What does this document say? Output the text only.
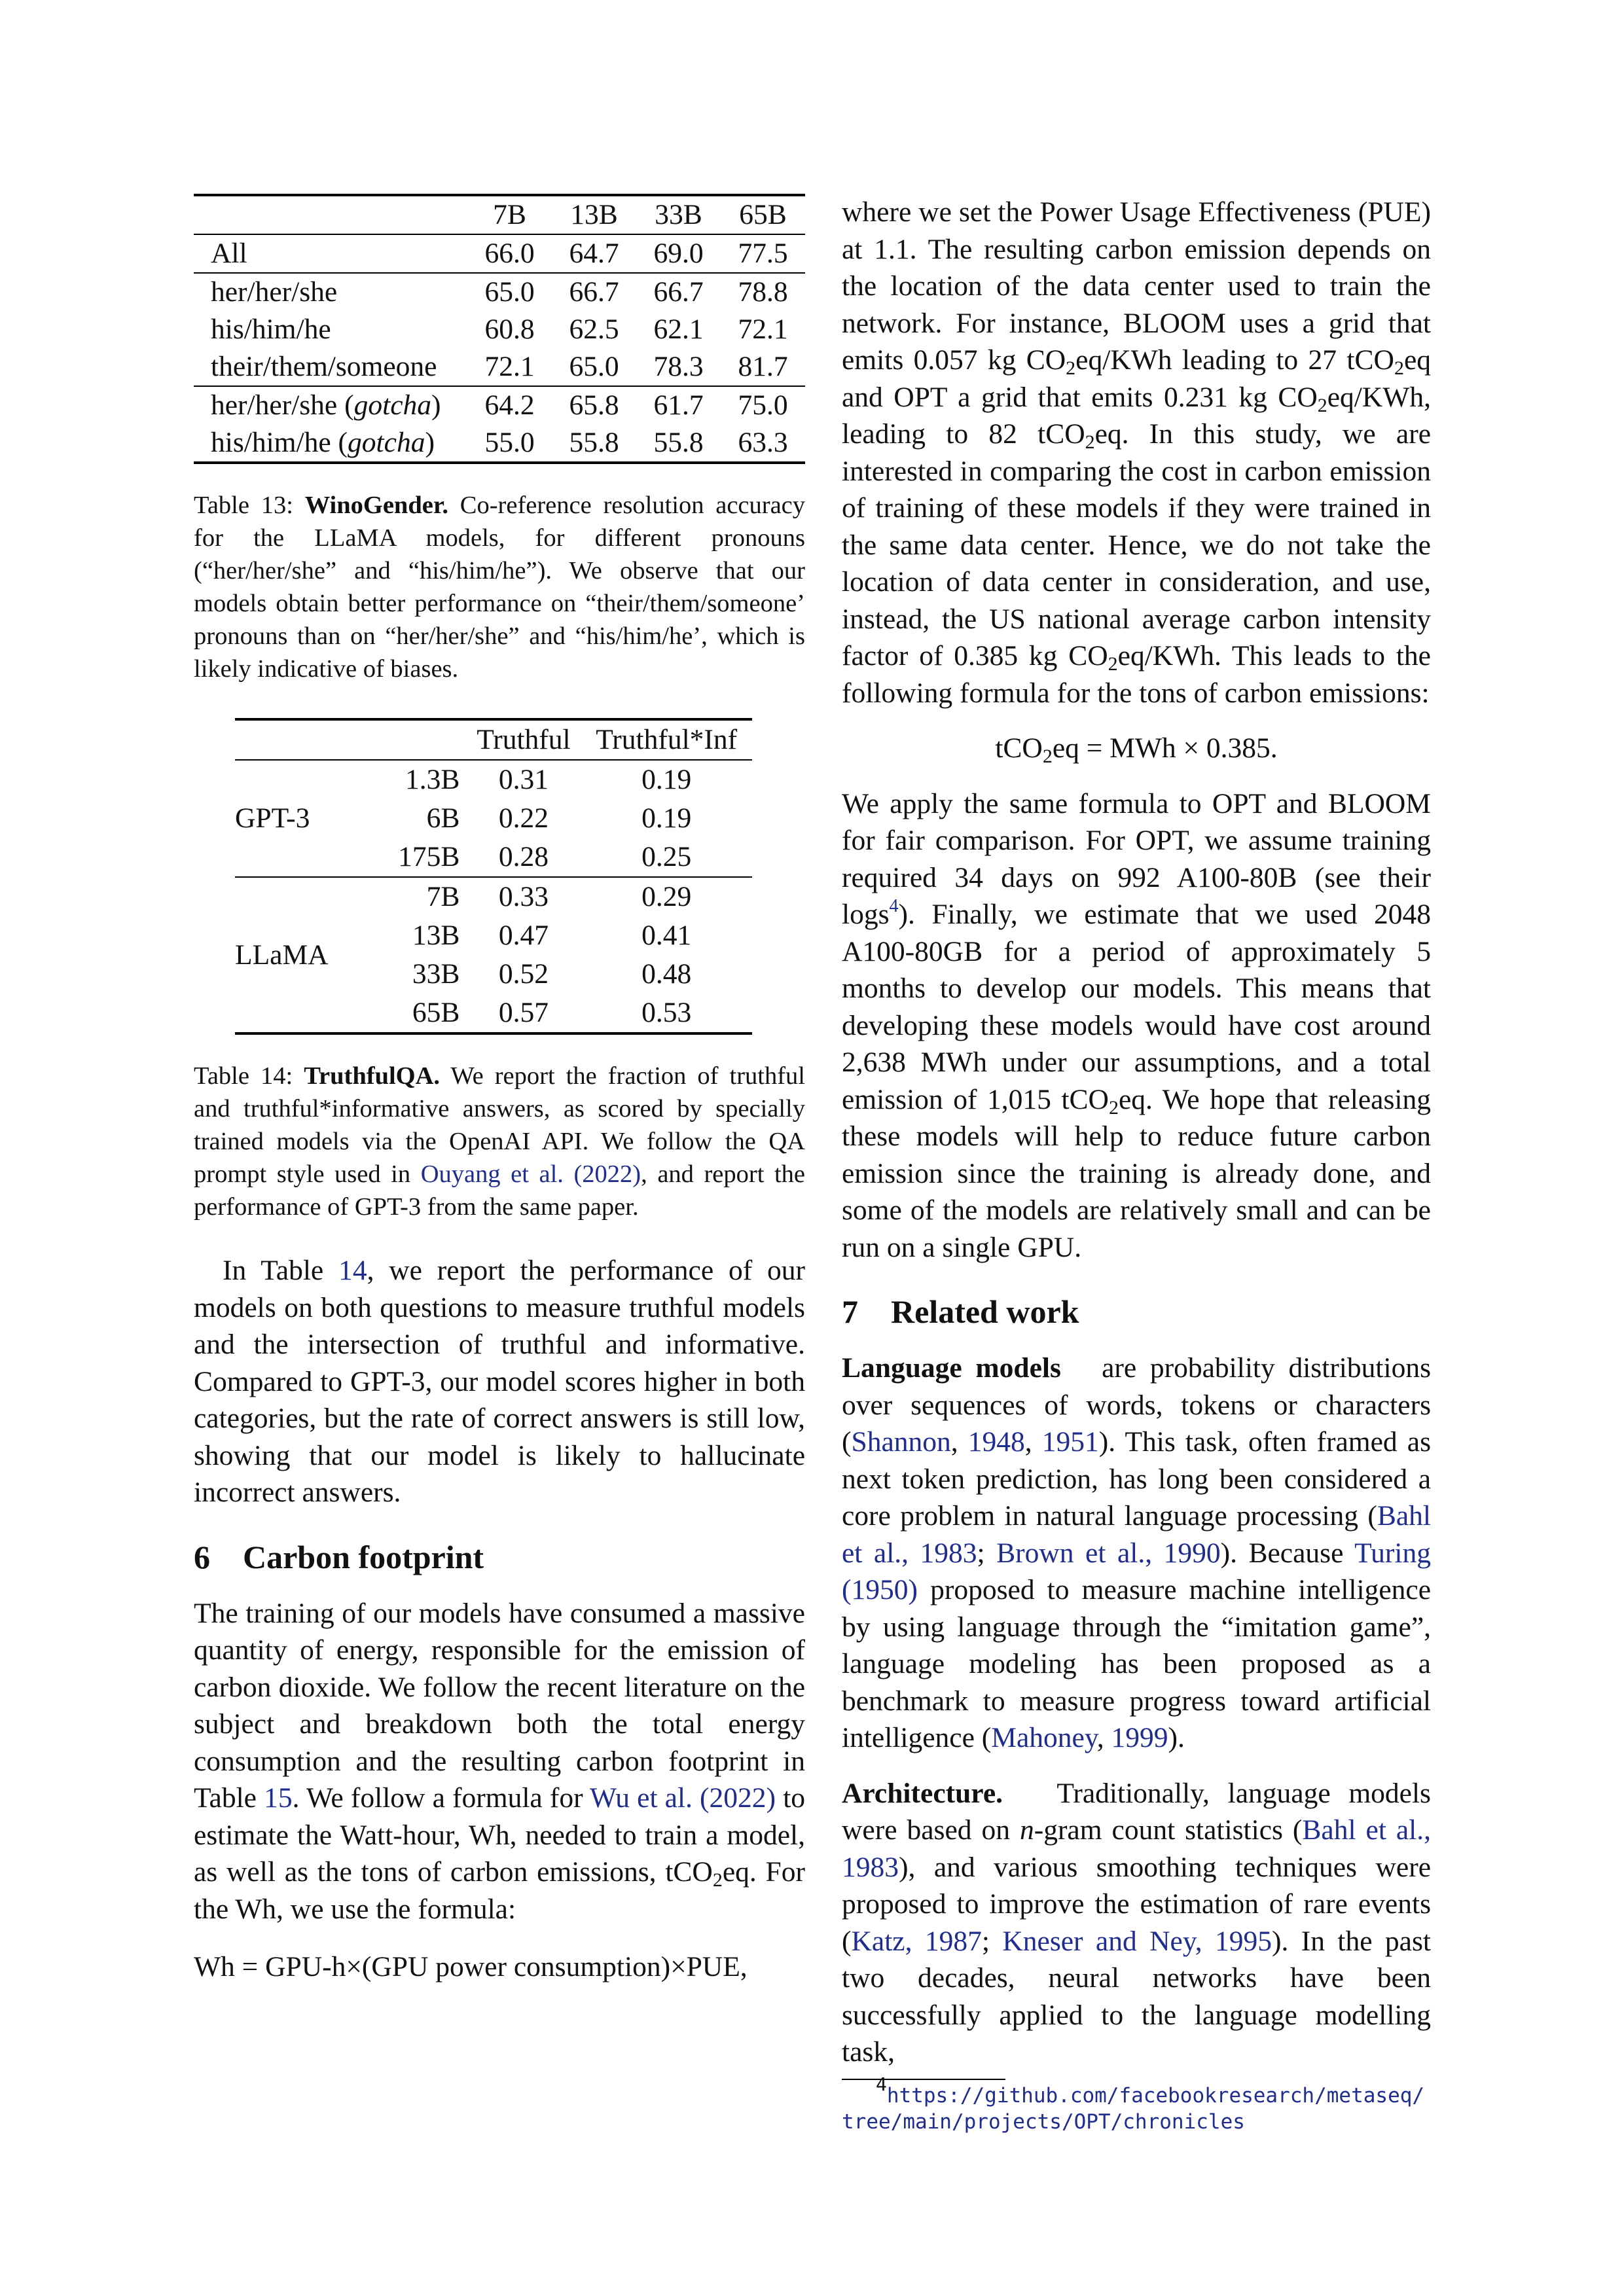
	7B	13B	33B	65B
All	66.0	64.7	69.0	77.5
her/her/she	65.0	66.7	66.7	78.8
his/him/he	60.8	62.5	62.1	72.1
their/them/someone	72.1	65.0	78.3	81.7
her/her/she (gotcha)	64.2	65.8	61.7	75.0
his/him/he (gotcha)	55.0	55.8	55.8	63.3

Table 13: WinoGender. Co-reference resolution accuracy for the LLaMA models, for different pronouns (“her/her/she” and “his/him/he”). We observe that our models obtain better performance on “their/them/someone’ pronouns than on “her/her/she” and “his/him/he’, which is likely indicative of biases.

		Truthful	Truthful*Inf
GPT-3	1.3B	0.31	0.19
	6B	0.22	0.19
	175B	0.28	0.25
LLaMA	7B	0.33	0.29
	13B	0.47	0.41
	33B	0.52	0.48
	65B	0.57	0.53

Table 14: TruthfulQA. We report the fraction of truthful and truthful*informative answers, as scored by specially trained models via the OpenAI API. We follow the QA prompt style used in Ouyang et al. (2022), and report the performance of GPT-3 from the same paper.

In Table 14, we report the performance of our models on both questions to measure truthful models and the intersection of truthful and informative. Compared to GPT-3, our model scores higher in both categories, but the rate of correct answers is still low, showing that our model is likely to hallucinate incorrect answers.

6 Carbon footprint

The training of our models have consumed a massive quantity of energy, responsible for the emission of carbon dioxide. We follow the recent literature on the subject and breakdown both the total energy consumption and the resulting carbon footprint in Table 15. We follow a formula for Wu et al. (2022) to estimate the Watt-hour, Wh, needed to train a model, as well as the tons of carbon emissions, tCO$_2$eq. For the Wh, we use the formula:

Wh = GPU-h×(GPU power consumption)×PUE,

where we set the Power Usage Effectiveness (PUE) at 1.1. The resulting carbon emission depends on the location of the data center used to train the network. For instance, BLOOM uses a grid that emits 0.057 kg $CO_2eq$/KWh leading to 27 tCO$_2$eq and OPT a grid that emits 0.231 kg $CO_2eq$/KWh, leading to 82 tCO$_2$eq. In this study, we are interested in comparing the cost in carbon emission of training of these models if they were trained in the same data center. Hence, we do not take the location of data center in consideration, and use, instead, the US national average carbon intensity factor of 0.385 kg $CO_2eq$/KWh. This leads to the following formula for the tons of carbon emissions:

tCO$_2$eq = MWh × 0.385.

We apply the same formula to OPT and BLOOM for fair comparison. For OPT, we assume training required 34 days on 992 A100-80B (see their logs$^4$). Finally, we estimate that we used 2048 A100-80GB for a period of approximately 5 months to develop our models. This means that developing these models would have cost around 2,638 MWh under our assumptions, and a total emission of 1,015 tCO$_2$eq. We hope that releasing these models will help to reduce future carbon emission since the training is already done, and some of the models are relatively small and can be run on a single GPU.

7 Related work

Language models are probability distributions over sequences of words, tokens or characters (Shannon, 1948, 1951). This task, often framed as next token prediction, has long been considered a core problem in natural language processing (Bahl et al., 1983; Brown et al., 1990). Because Turing (1950) proposed to measure machine intelligence by using language through the “imitation game”, language modeling has been proposed as a benchmark to measure progress toward artificial intelligence (Mahoney, 1999).

Architecture. Traditionally, language models were based on n-gram count statistics (Bahl et al., 1983), and various smoothing techniques were proposed to improve the estimation of rare events (Katz, 1987; Kneser and Ney, 1995). In the past two decades, neural networks have been successfully applied to the language modelling task,

$^4$https://github.com/facebookresearch/metaseq/tree/main/projects/OPT/chronicles
